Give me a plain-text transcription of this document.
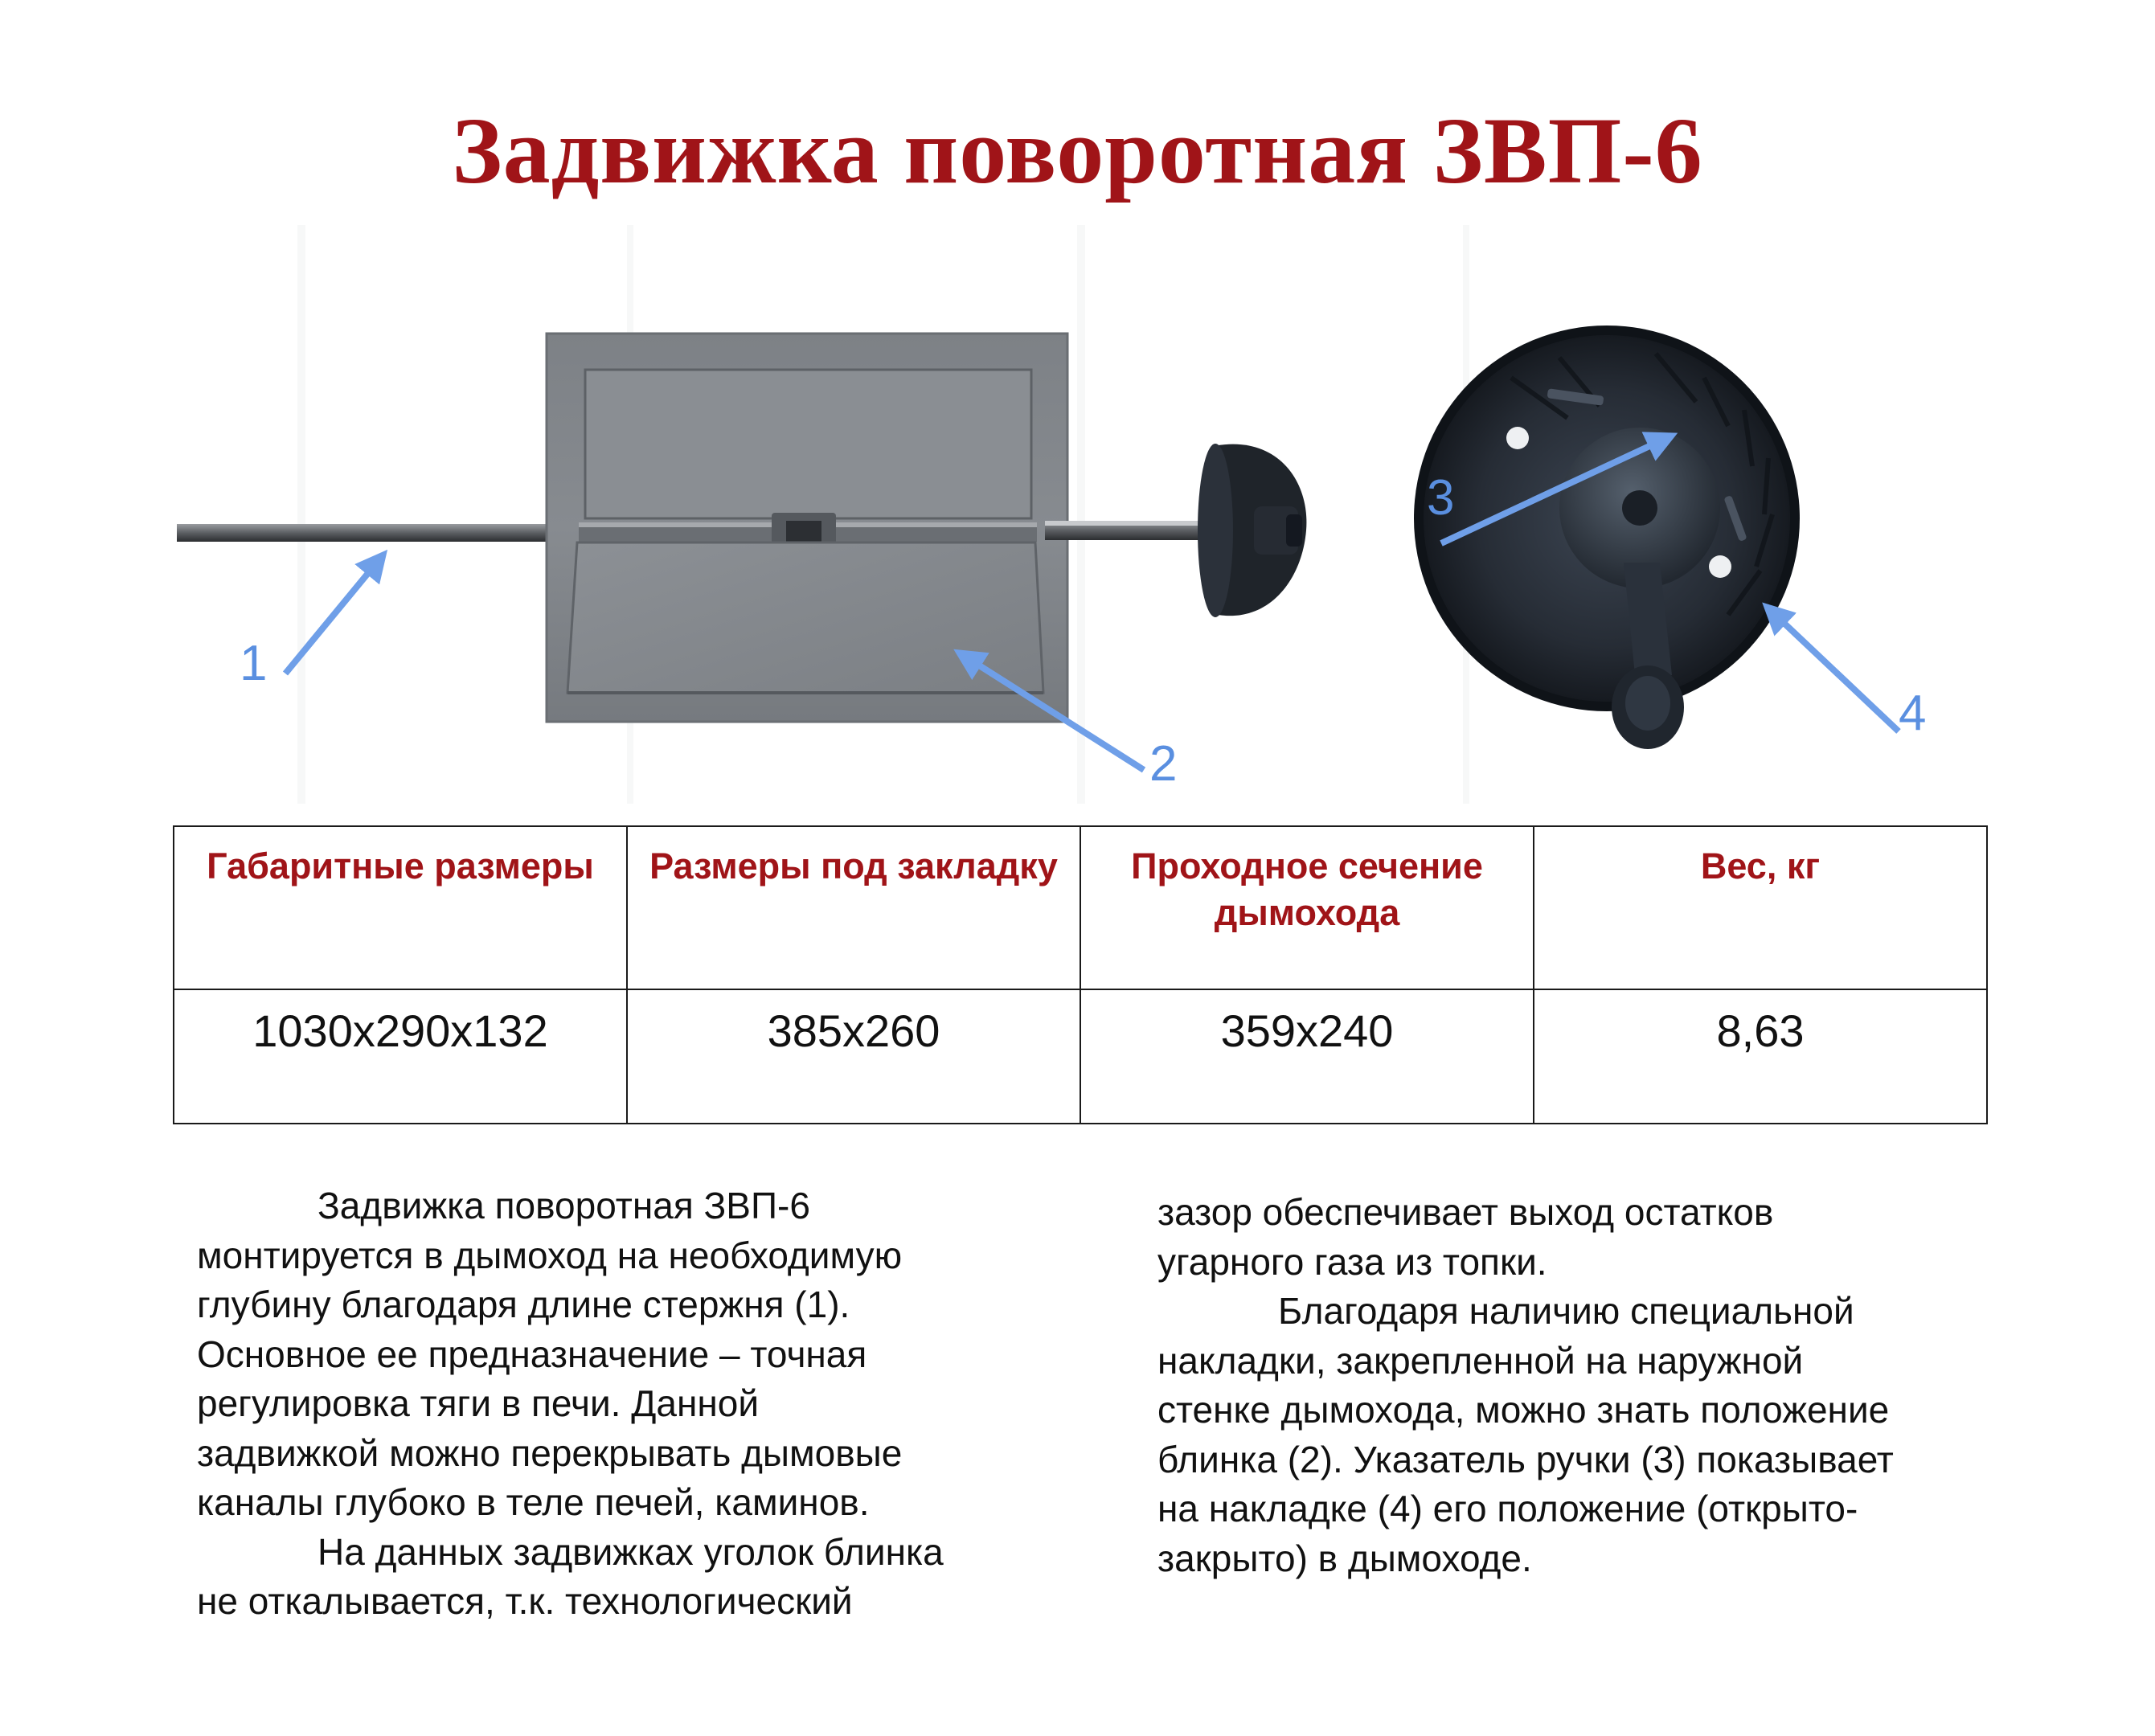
Задвижка поворотная ЗВП-6
1
2
3
4
Габаритные размеры	Размеры под закладку	Проходное сечение дымохода	Вес, кг
1030х290х132	385х260	359х240	8,63

Задвижка поворотная ЗВП-6

монтируется в дымоход на необходимую

глубину благодаря длине стержня (1).

Основное ее предназначение – точная

регулировка тяги в печи. Данной

задвижкой можно перекрывать дымовые

каналы глубоко в теле печей, каминов.

На данных задвижках уголок блинка

не откалывается, т.к. технологический

зазор обеспечивает выход остатков

угарного газа из топки.

Благодаря наличию специальной

накладки, закрепленной на наружной

стенке дымохода, можно знать положение

блинка (2). Указатель ручки (3) показывает

на накладке (4) его положение (открыто-

закрыто) в дымоходе.
